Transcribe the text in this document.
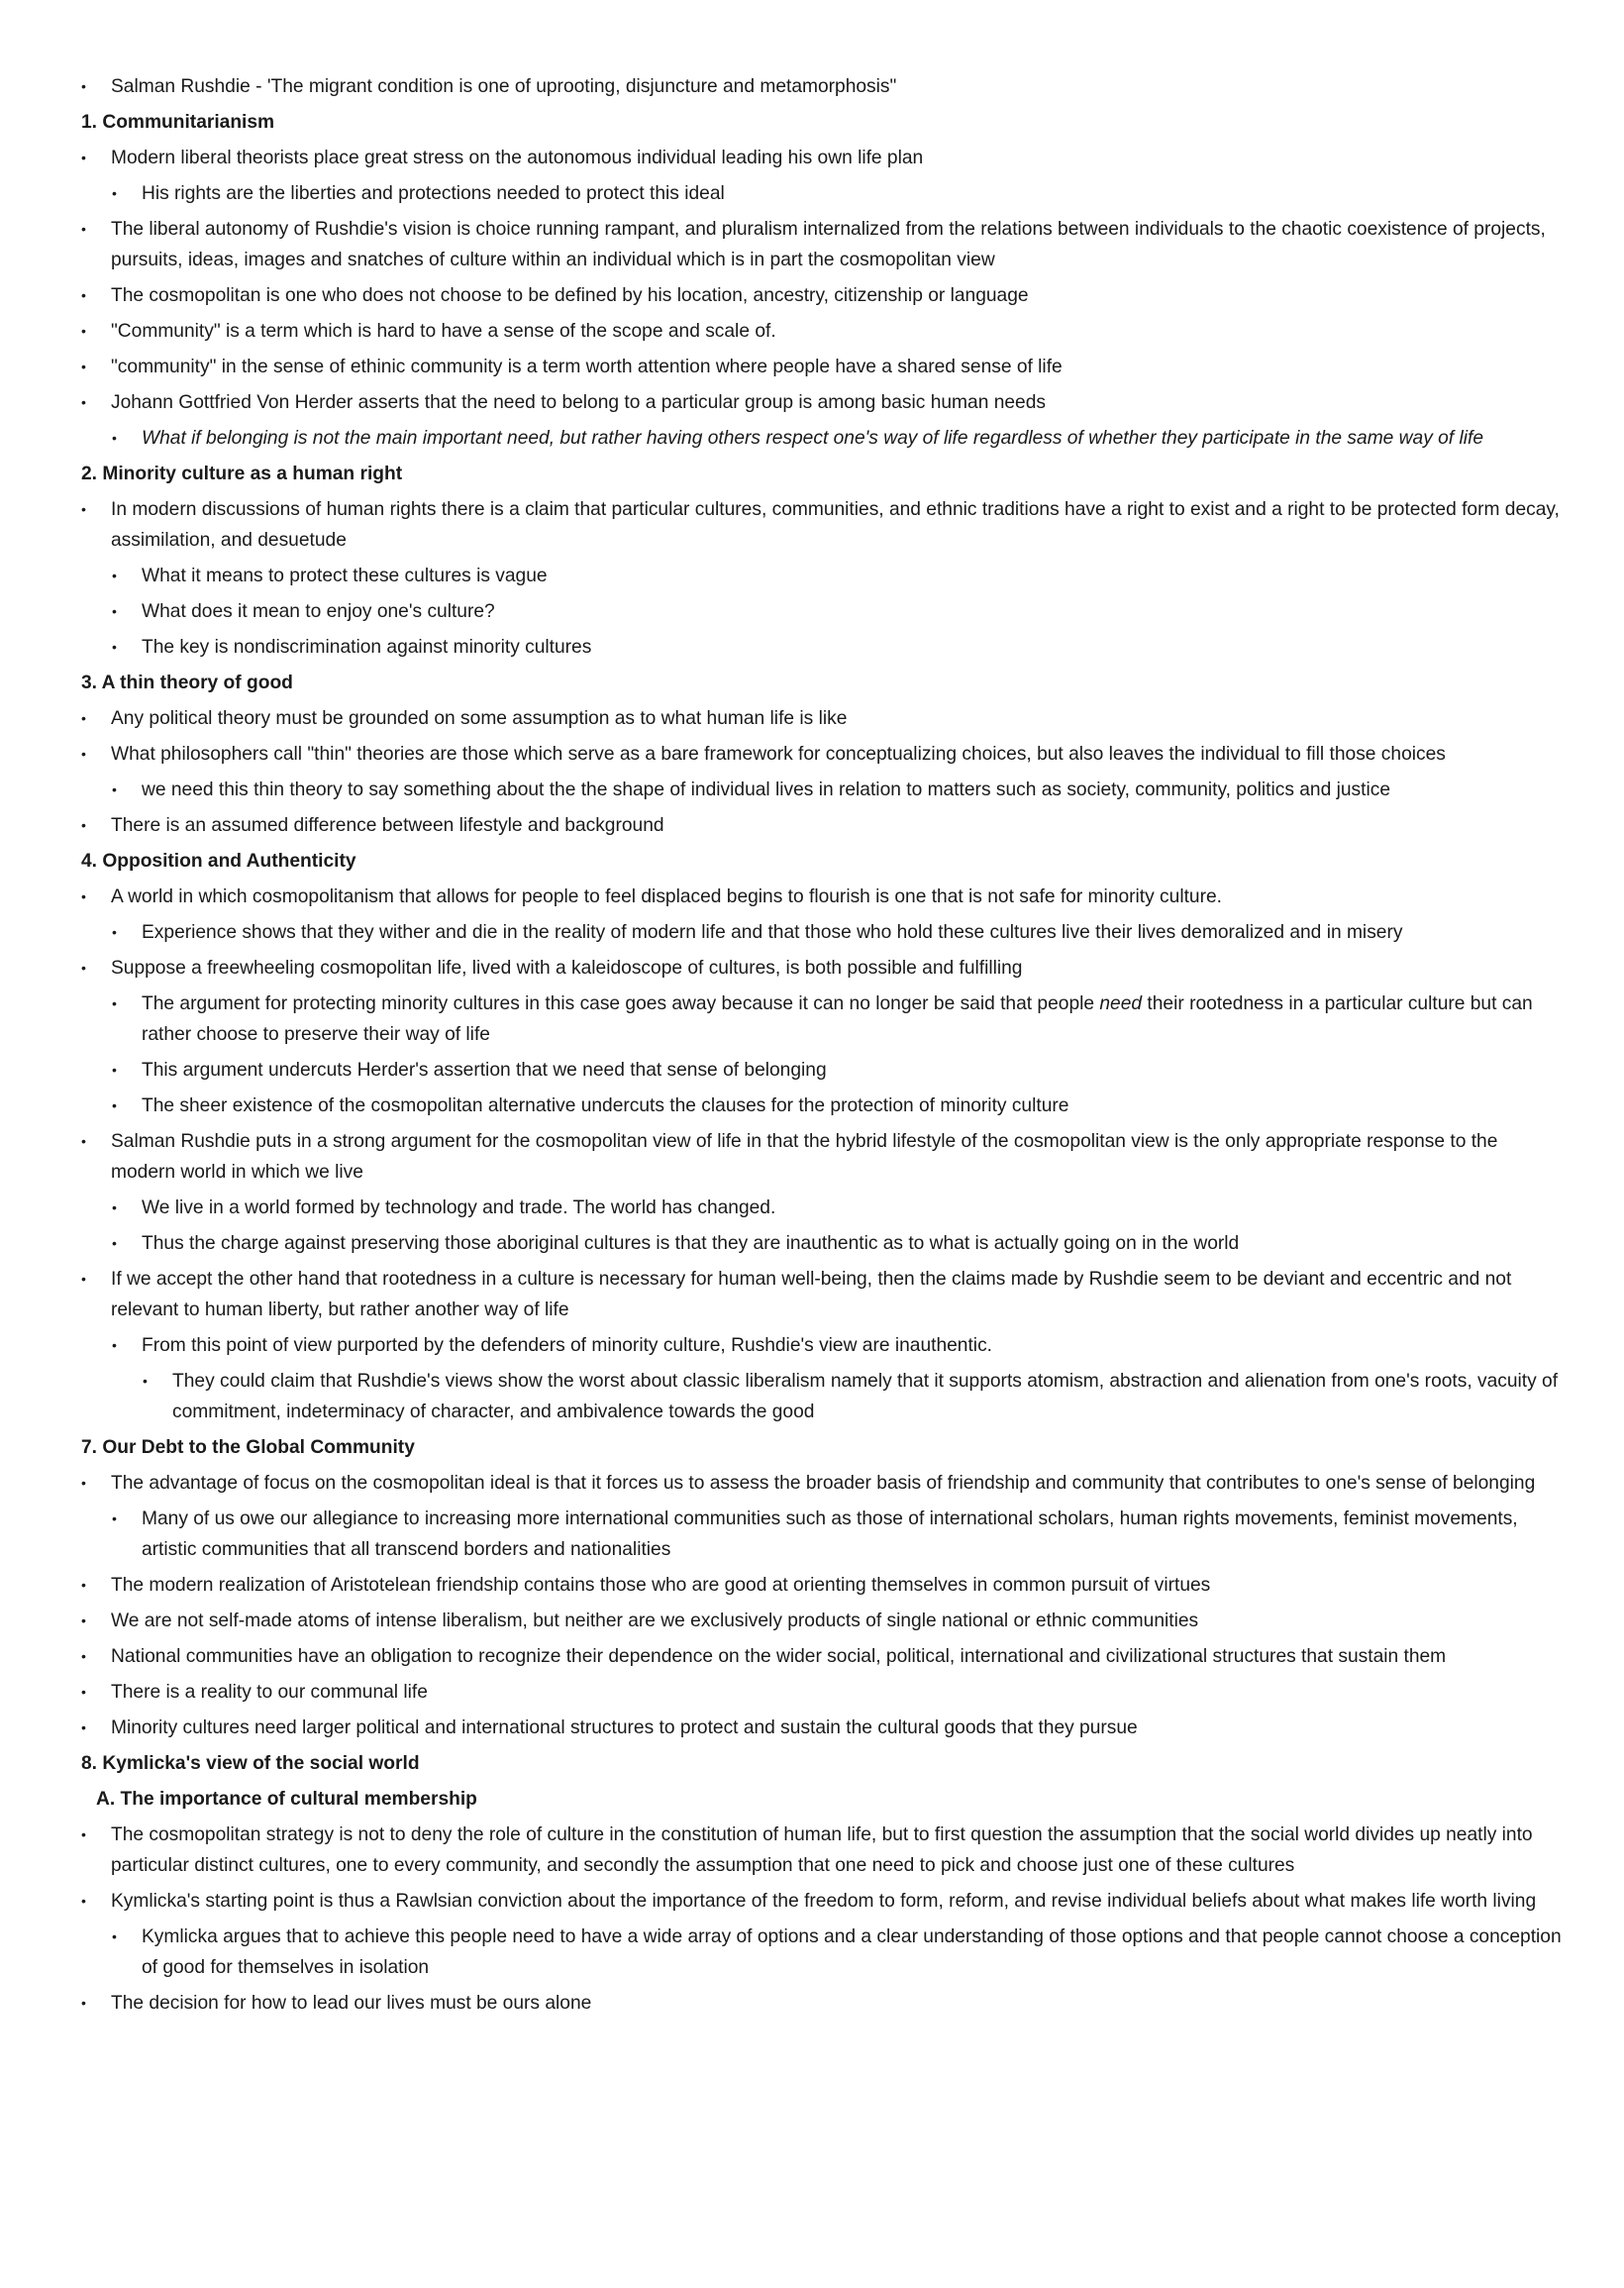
• Salman Rushdie - 'The migrant condition is one of uprooting, disjuncture and metamorphosis"
1. Communitarianism
• Modern liberal theorists place great stress on the autonomous individual leading his own life plan
• His rights are the liberties and protections needed to protect this ideal
• The liberal autonomy of Rushdie's vision is choice running rampant, and pluralism internalized from the relations between individuals to the chaotic coexistence of projects, pursuits, ideas, images and snatches of culture within an individual which is in part the cosmopolitan view
• The cosmopolitan is one who does not choose to be defined by his location, ancestry, citizenship or language
• "Community" is a term which is hard to have a sense of the scope and scale of.
• "community" in the sense of ethinic community is a term worth attention where people have a shared sense of life
• Johann Gottfried Von Herder asserts that the need to belong to a particular group is among basic human needs
• What if belonging is not the main important need, but rather having others respect one's way of life regardless of whether they participate in the same way of life
2. Minority culture as a human right
• In modern discussions of human rights there is a claim that particular cultures, communities, and ethnic traditions have a right to exist and a right to be protected form decay, assimilation, and desuetude
• What it means to protect these cultures is vague
• What does it mean to enjoy one's culture?
• The key is nondiscrimination against minority cultures
3. A thin theory of good
• Any political theory must be grounded on some assumption as to what human life is like
• What philosophers call "thin" theories are those which serve as a bare framework for conceptualizing choices, but also leaves the individual to fill those choices
• we need this thin theory to say something about the the shape of individual lives in relation to matters such as society, community, politics and justice
• There is an assumed difference between lifestyle and background
4. Opposition and Authenticity
• A world in which cosmopolitanism that allows for people to feel displaced begins to flourish is one that is not safe for minority culture.
• Experience shows that they wither and die in the reality of modern life and that those who hold these cultures live their lives demoralized and in misery
• Suppose a freewheeling cosmopolitan life, lived with a kaleidoscope of cultures, is both possible and fulfilling
• The argument for protecting minority cultures in this case goes away because it can no longer be said that people need their rootedness in a particular culture but can rather choose to preserve their way of life
• This argument undercuts Herder's assertion that we need that sense of belonging
• The sheer existence of the cosmopolitan alternative undercuts the clauses for the protection of minority culture
• Salman Rushdie puts in a strong argument for the cosmopolitan view of life in that the hybrid lifestyle of the cosmopolitan view is the only appropriate response to the modern world in which we live
• We live in a world formed by technology and trade. The world has changed.
• Thus the charge against preserving those aboriginal cultures is that they are inauthentic as to what is actually going on in the world
• If we accept the other hand that rootedness in a culture is necessary for human well-being, then the claims made by Rushdie seem to be deviant and eccentric and not relevant to human liberty, but rather another way of life
• From this point of view purported by the defenders of minority culture, Rushdie's view are inauthentic.
• They could claim that Rushdie's views show the worst about classic liberalism namely that it supports atomism, abstraction and alienation from one's roots, vacuity of commitment, indeterminacy of character, and ambivalence towards the good
7. Our Debt to the Global Community
• The advantage of focus on the cosmopolitan ideal is that it forces us to assess the broader basis of friendship and community that contributes to one's sense of belonging
• Many of us owe our allegiance to increasing more international communities such as those of international scholars, human rights movements, feminist movements, artistic communities that all transcend borders and nationalities
• The modern realization of Aristotelean friendship contains those who are good at orienting themselves in common pursuit of virtues
• We are not self-made atoms of intense liberalism, but neither are we exclusively products of single national or ethnic communities
• National communities have an obligation to recognize their dependence on the wider social, political, international and civilizational structures that sustain them
• There is a reality to our communal life
• Minority cultures need larger political and international structures to protect and sustain the cultural goods that they pursue
8. Kymlicka's view of the social world
A. The importance of cultural membership
• The cosmopolitan strategy is not to deny the role of culture in the constitution of human life, but to first question the assumption that the social world divides up neatly into particular distinct cultures, one to every community, and secondly the assumption that one need to pick and choose just one of these cultures
• Kymlicka's starting point is thus a Rawlsian conviction about the importance of the freedom to form, reform, and revise individual beliefs about what makes life worth living
• Kymlicka argues that to achieve this people need to have a wide array of options and a clear understanding of those options and that people cannot choose a conception of good for themselves in isolation
• The decision for how to lead our lives must be ours alone
